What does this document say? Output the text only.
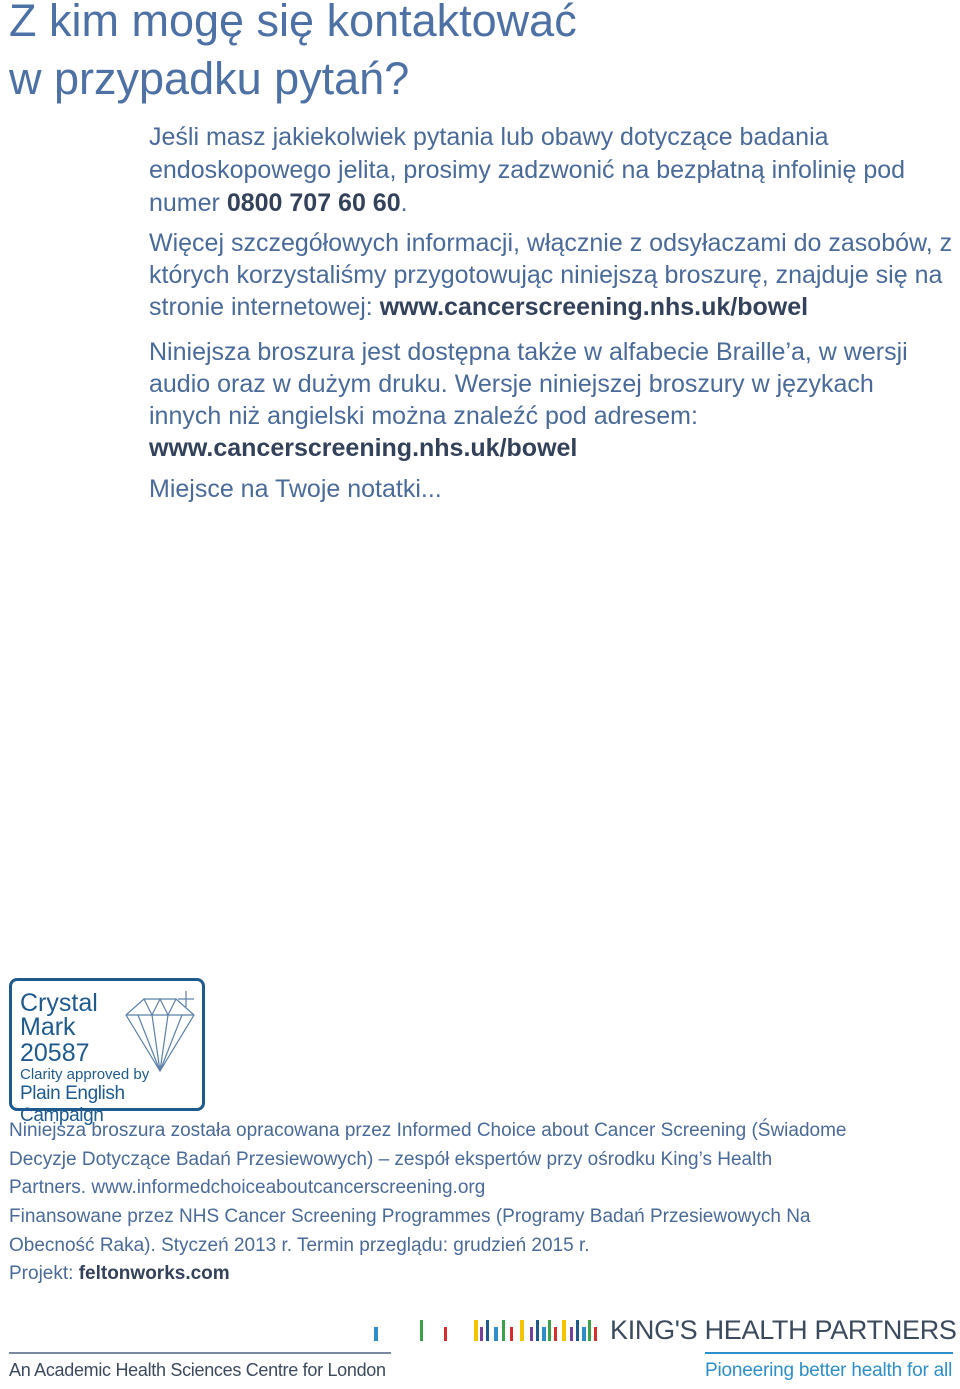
Z kim mogę się kontaktować
w przypadku pytań?

Jeśli masz jakiekolwiek pytania lub obawy dotyczące badania endoskopowego jelita, prosimy zadzwonić na bezpłatną infolinię pod numer 0800 707 60 60.

Więcej szczegółowych informacji, włącznie z odsyłaczami do zasobów, z których korzystaliśmy przygotowując niniejszą broszurę, znajduje się na stronie internetowej: www.cancerscreening.nhs.uk/bowel

Niniejsza broszura jest dostępna także w alfabecie Braille’a, w wersji audio oraz w dużym druku. Wersje niniejszej broszury w językach innych niż angielski można znaleźć pod adresem: www.cancerscreening.nhs.uk/bowel

Miejsce na Twoje notatki...

Crystal
Mark
20587
Clarity approved by
Plain English Campaign

Niniejsza broszura została opracowana przez Informed Choice about Cancer Screening (Świadome Decyzje Dotyczące Badań Przesiewowych) – zespół ekspertów przy ośrodku King’s Health Partners. www.informedchoiceaboutcancerscreening.org

Finansowane przez NHS Cancer Screening Programmes (Programy Badań Przesiewowych Na Obecność Raka). Styczeń 2013 r. Termin przeglądu: grudzień 2015 r.
Projekt: feltonworks.com

KING'S HEALTH PARTNERS
An Academic Health Sciences Centre for London	Pioneering better health for all
